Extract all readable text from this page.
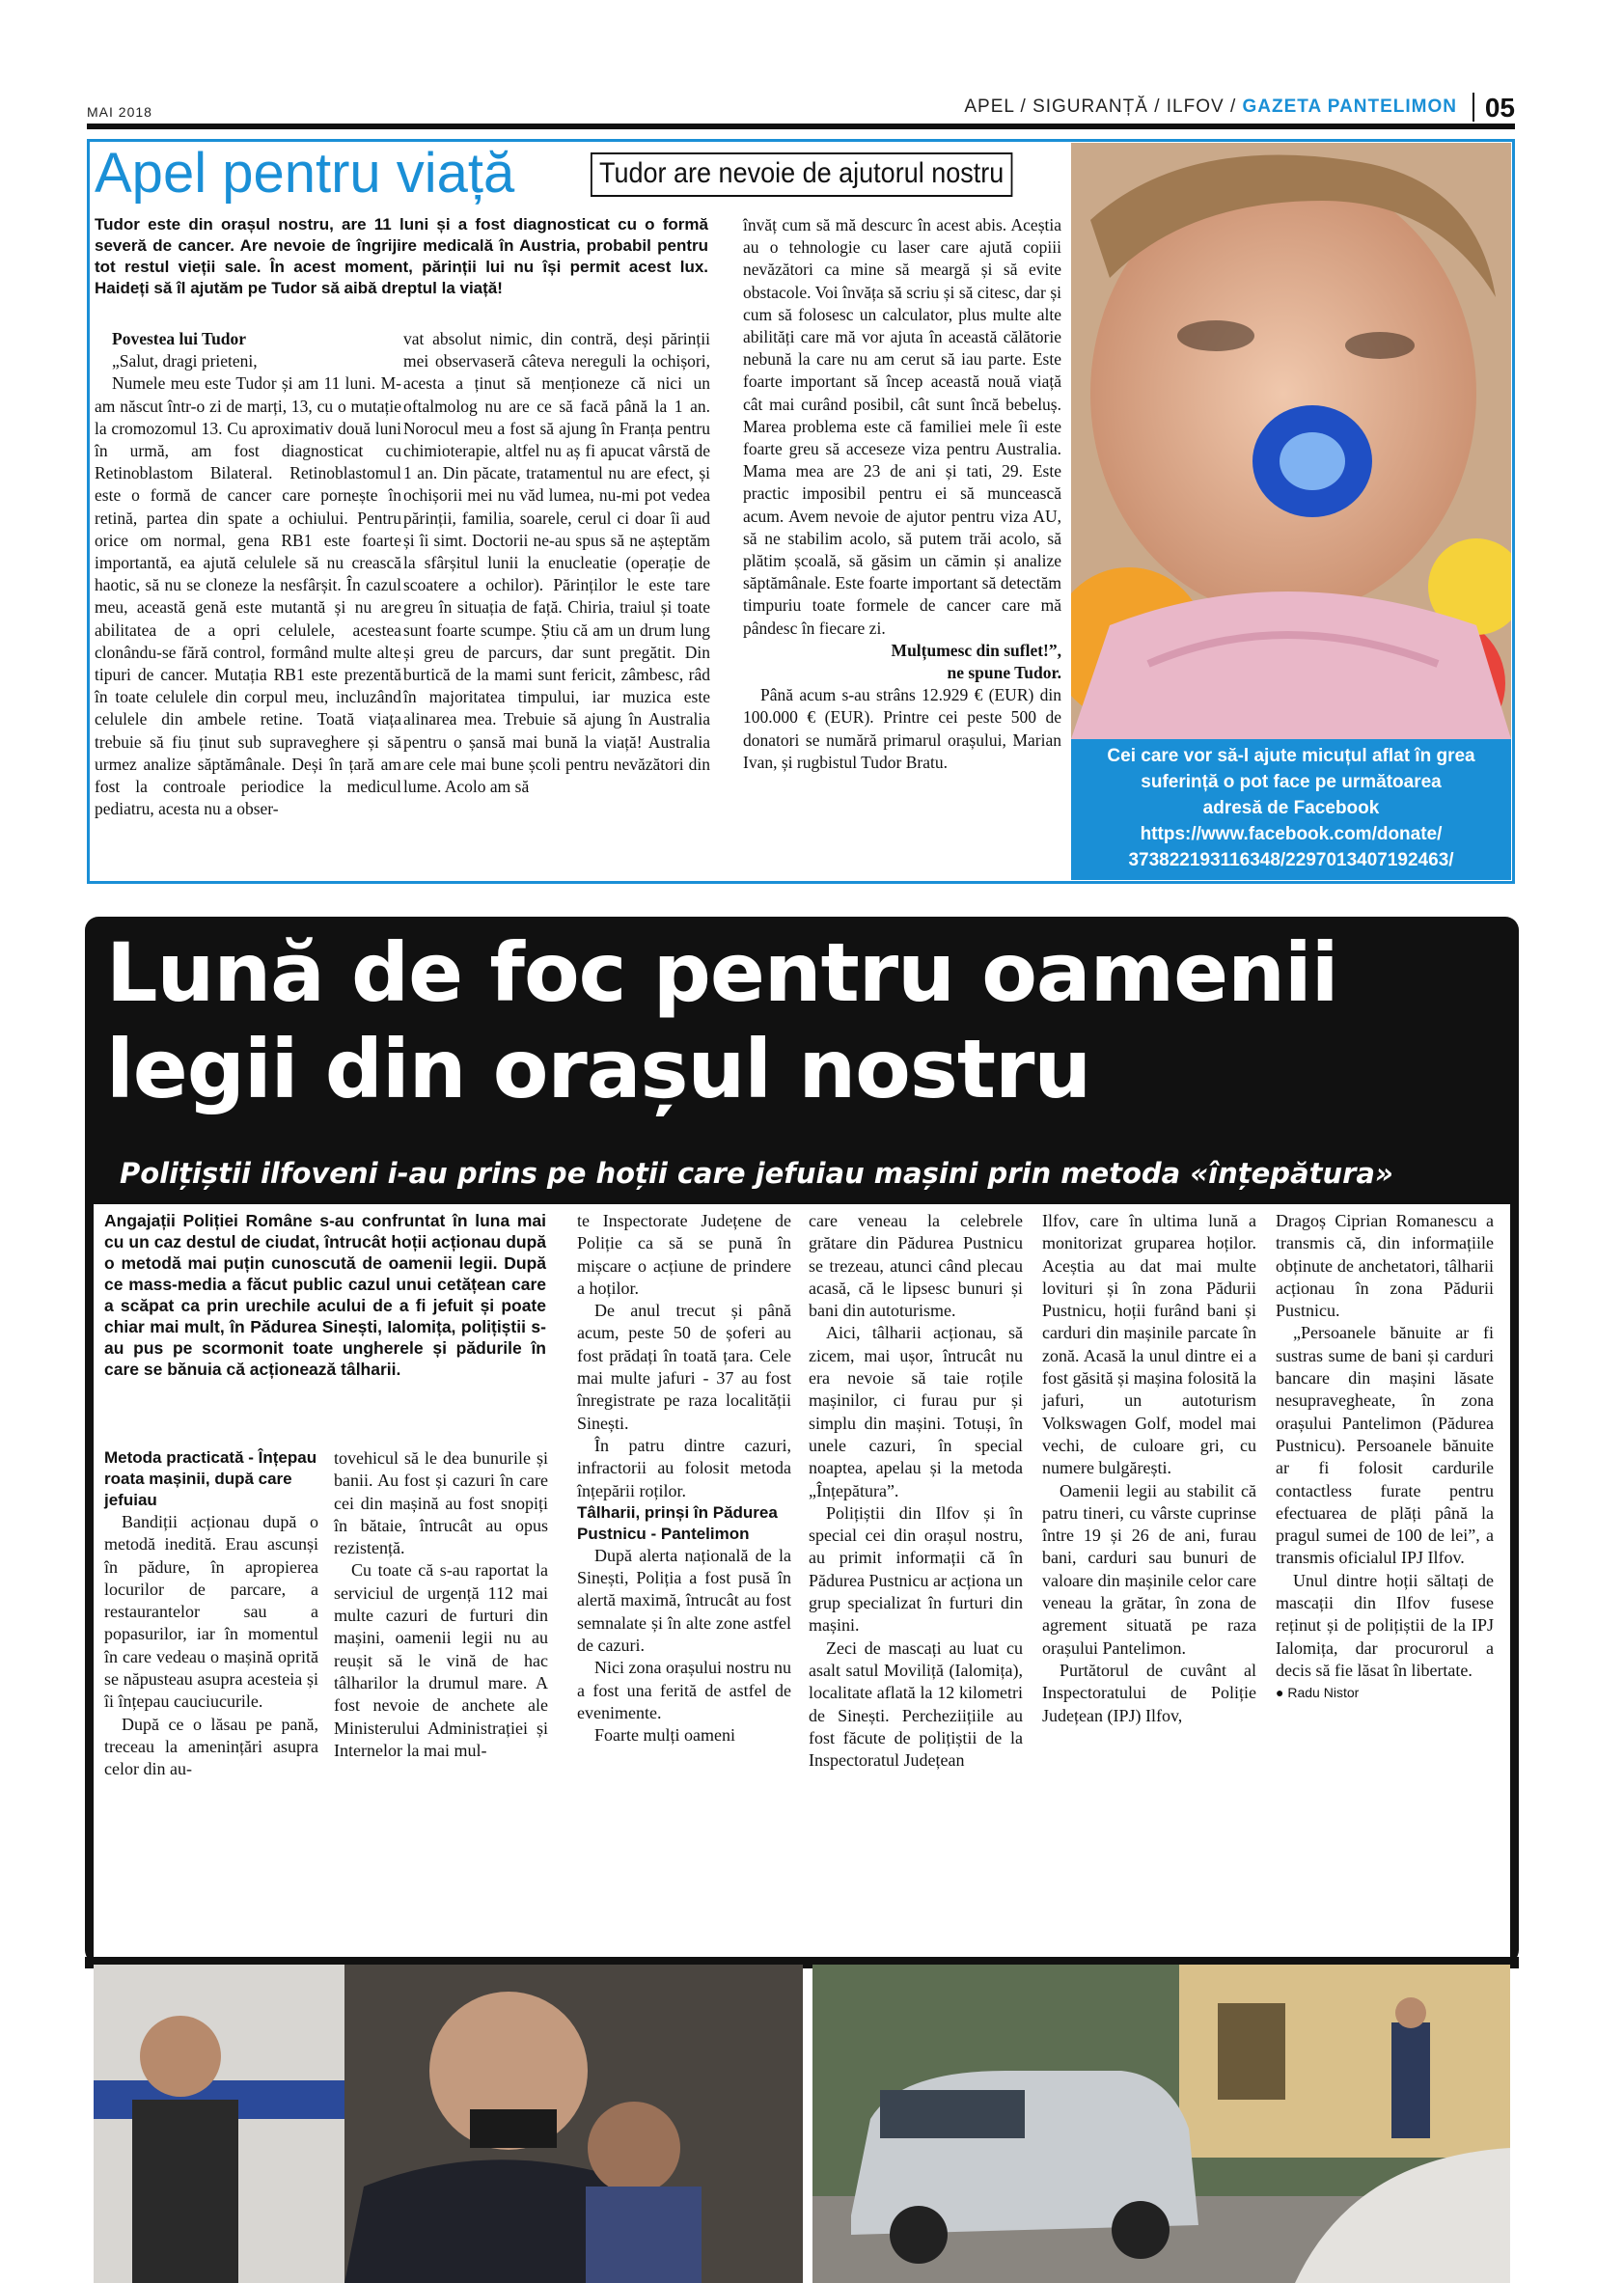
MAI 2018	APEL / SIGURANȚĂ / ILFOV / GAZETA PANTELIMON 05
Apel pentru viață	Tudor are nevoie de ajutorul nostru
Tudor este din orașul nostru, are 11 luni și a fost diagnosticat cu o formă severă de cancer. Are nevoie de îngrijire medicală în Austria, probabil pentru tot restul vieții sale. În acest moment, părinții lui nu își permit acest lux. Haideți să îl ajutăm pe Tudor să aibă dreptul la viață!

Povestea lui Tudor

„Salut, dragi prieteni,

Numele meu este Tudor și am 11 luni. M-am născut într-o zi de marți, 13, cu o mutație la cromozomul 13. Cu aproximativ două luni în urmă, am fost diagnosticat cu Retinoblastom Bilateral. Retinoblastomul este o formă de cancer care pornește în retină, partea din spate a ochiului. Pentru orice om normal, gena RB1 este foarte importantă, ea ajută celulele să nu crească haotic, să nu se cloneze la nesfârșit. În cazul meu, această genă este mutantă și nu are abilitatea de a opri celulele, acestea clonându-se fără control, formând multe alte tipuri de cancer. Mutația RB1 este prezentă în toate celulele din corpul meu, incluzând celulele din ambele retine. Toată viața trebuie să fiu ținut sub supraveghere și să urmez analize săptămânale. Deși în țară am fost la controale periodice la medicul pediatru, acesta nu a obser-

vat absolut nimic, din contră, deși părinții mei observaseră câteva nereguli la ochișori, acesta a ținut să menționeze că nici un oftalmolog nu are ce să facă până la 1 an. Norocul meu a fost să ajung în Franța pentru chimioterapie, altfel nu aș fi apucat vârstă de 1 an. Din păcate, tratamentul nu are efect, și ochișorii mei nu văd lumea, nu-mi pot vedea părinții, familia, soarele, cerul ci doar îi aud și îi simt. Doctorii ne-au spus să ne așteptăm la sfârșitul lunii la enucleatie (operație de scoatere a ochilor). Părinților le este tare greu în situația de față. Chiria, traiul și toate sunt foarte scumpe. Știu că am un drum lung și greu de parcurs, dar sunt pregătit. Din burtică de la mami sunt fericit, zâmbesc, râd în majoritatea timpului, iar muzica este alinarea mea. Trebuie să ajung în Australia pentru o șansă mai bună la viață! Australia are cele mai bune școli pentru nevăzători din lume. Acolo am să

învăț cum să mă descurc în acest abis. Aceștia au o tehnologie cu laser care ajută copiii nevăzători ca mine să meargă și să evite obstacole. Voi învăța să scriu și să citesc, dar și cum să folosesc un calculator, plus multe alte abilități care mă vor ajuta în această călătorie nebună la care nu am cerut să iau parte. Este foarte important să încep această nouă viață cât mai curând posibil, cât sunt încă bebeluș. Marea problema este că familiei mele îi este foarte greu să acceseze viza pentru Australia. Mama mea are 23 de ani și tati, 29. Este practic imposibil pentru ei să muncească acum. Avem nevoie de ajutor pentru viza AU, să ne stabilim acolo, să putem trăi acolo, să plătim școală, să găsim un cămin și analize săptămânale. Este foarte important să detectăm timpuriu toate formele de cancer care mă pândesc în fiecare zi.

Mulțumesc din suflet!”,

ne spune Tudor.

Până acum s-au strâns 12.929 € (EUR) din 100.000 € (EUR). Printre cei peste 500 de donatori se numără primarul orașului, Marian Ivan, și rugbistul Tudor Bratu.	Cei care vor să-l ajute micuțul aflat în grea
suferință o pot face pe următoarea
adresă de Facebook
https://www.facebook.com/donate/
373822193116348/2297013407192463/
Lună de foc pentru oamenii
legii din orașul nostru
Polițiștii ilfoveni i-au prins pe hoții care jefuiau mașini prin metoda «înțepătura»
Angajații Poliției Române s-au confruntat în luna mai cu un caz destul de ciudat, întrucât hoții acționau după o metodă mai puțin cunoscută de oamenii legii. După ce mass-media a făcut public cazul unui cetățean care a scăpat ca prin urechile acului de a fi jefuit și poate chiar mai mult, în Pădurea Sinești, Ialomița, polițiștii s-au pus pe scormonit toate ungherele și pădurile în care se bănuia că acționează tâlharii.

Metoda practicată - Înțepau roata mașinii, după care jefuiau

Bandiții acționau după o metodă inedită. Erau ascunși în pădure, în apropierea locurilor de parcare, a restaurantelor sau a popasurilor, iar în momentul în care vedeau o mașină oprită se năpusteau asupra acesteia și îi înțepau cauciucurile.

După ce o lăsau pe pană, treceau la amenințări asupra celor din au-

tovehicul să le dea bunurile și banii. Au fost și cazuri în care cei din mașină au fost snopiți în bătaie, întrucât au opus rezistență.

Cu toate că s-au raportat la serviciul de urgență 112 mai multe cazuri de furturi din mașini, oamenii legii nu au reușit să le vină de hac tâlharilor la drumul mare. A fost nevoie de anchete ale Ministerului Administrației și Internelor la mai mul-

te Inspectorate Județene de Poliție ca să se pună în mișcare o acțiune de prindere a hoților.

De anul trecut și până acum, peste 50 de șoferi au fost prădați în toată țara. Cele mai multe jafuri - 37 au fost înregistrate pe raza localității Sinești.

În patru dintre cazuri, infractorii au folosit metoda înțepării roților.

Tâlharii, prinși în Pădurea Pustnicu - Pantelimon

După alerta națională de la Sinești, Poliția a fost pusă în alertă maximă, întrucât au fost semnalate și în alte zone astfel de cazuri.

Nici zona orașului nostru nu a fost una ferită de astfel de evenimente.

Foarte mulți oameni

care veneau la celebrele grătare din Pădurea Pustnicu se trezeau, atunci când plecau acasă, că le lipsesc bunuri și bani din autoturisme.

Aici, tâlharii acționau, să zicem, mai ușor, întrucât nu era nevoie să taie roțile mașinilor, ci furau pur și simplu din mașini. Totuși, în unele cazuri, în special noaptea, apelau și la metoda „Înțepătura”.

Polițiștii din Ilfov și în special cei din orașul nostru, au primit informații că în Pădurea Pustnicu ar acționa un grup specializat în furturi din mașini.

Zeci de mascați au luat cu asalt satul Moviliță (Ialomița), localitate aflată la 12 kilometri de Sinești. Percheziițiile au fost făcute de polițiștii de la Inspectoratul Județean

Ilfov, care în ultima lună a monitorizat gruparea hoților. Aceștia au dat mai multe lovituri și în zona Pădurii Pustnicu, hoții furând bani și carduri din mașinile parcate în zonă. Acasă la unul dintre ei a fost găsită și mașina folosită la jafuri, un autoturism Volkswagen Golf, model mai vechi, de culoare gri, cu numere bulgărești.

Oamenii legii au stabilit că patru tineri, cu vârste cuprinse între 19 și 26 de ani, furau bani, carduri sau bunuri de valoare din mașinile celor care veneau la grătar, în zona de agrement situată pe raza orașului Pantelimon.

Purtătorul de cuvânt al Inspectoratului de Poliție Județean (IPJ) Ilfov,

Dragoș Ciprian Romanescu a transmis că, din informațiile obținute de anchetatori, tâlharii acționau în zona Pădurii Pustnicu.

„Persoanele bănuite ar fi sustras sume de bani și carduri bancare din mașini lăsate nesupravegheate, în zona orașului Pantelimon (Pădurea Pustnicu). Persoanele bănuite ar fi folosit cardurile contactless furate pentru efectuarea de plăți până la pragul sumei de 100 de lei”, a transmis oficialul IPJ Ilfov.

Unul dintre hoții săltați de mascații din Ilfov fusese reținut și de polițiștii de la IPJ Ialomița, dar procurorul a decis să fie lăsat în libertate.

● Radu Nistor
